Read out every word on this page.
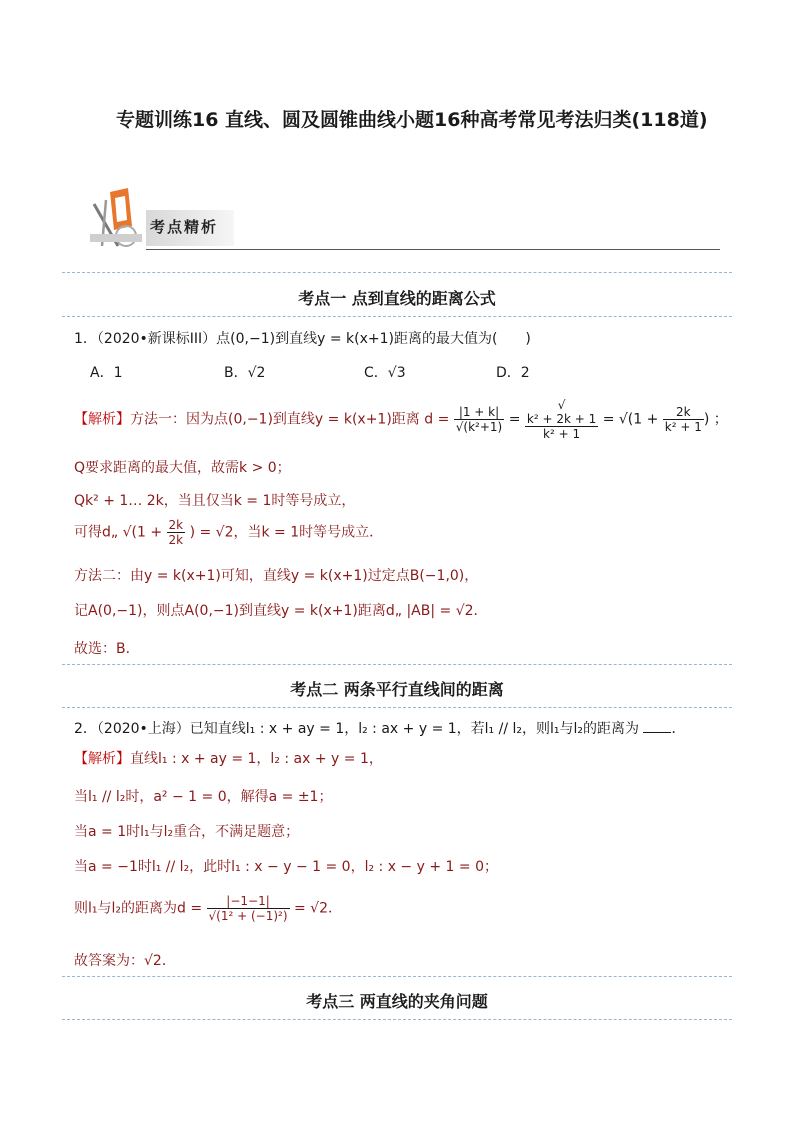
专题训练16 直线、圆及圆锥曲线小题16种高考常见考法归类(118道)
考点精析
考点一 点到直线的距离公式
1．（2020•新课标III）点(0,−1)到直线y = k(x+1)距离的最大值为(　　)
A．1	B．√2	C．√3	D．2
【解析】方法一：因为点(0,−1)到直线y = k(x+1)距离 $d = \frac{|1 + k|}{\text{√(k²+1)}}$ = √
k² + 2k + 1
k² + 1
= $√(1 + \frac{2k}{\text{k² + 1}}$ ) ；
Q要求距离的最大值，故需k > 0；
Qk² + 1… 2k，当且仅当k = 1时等号成立，
可得d„ $√(1 + \frac{2k}{2k}$ ) = √2，当k = 1时等号成立．
方法二：由y = k(x+1)可知，直线y = k(x+1)过定点B(−1,0)，
记A(0,−1)，则点A(0,−1)到直线y = k(x+1)距离d„ |AB| = √2．
故选：B．
考点二 两条平行直线间的距离
2．（2020•上海）已知直线l₁ : x + ay = 1，l₂ : ax + y = 1，若l₁ // l₂，则l₁与l₂的距离为 ．
【解析】直线l₁ : x + ay = 1，l₂ : ax + y = 1，
当l₁ // l₂时，a² − 1 = 0，解得a = ±1；
当a = 1时l₁与l₂重合，不满足题意；
当a = −1时l₁ // l₂，此时l₁ : x − y − 1 = 0，l₂ : x − y + 1 = 0；
则l₁与l₂的距离为$d = \frac{|-1-1|}{\text{√(1² + (−1)²)}} = √2$．
故答案为：√2．
考点三 两直线的夹角问题
